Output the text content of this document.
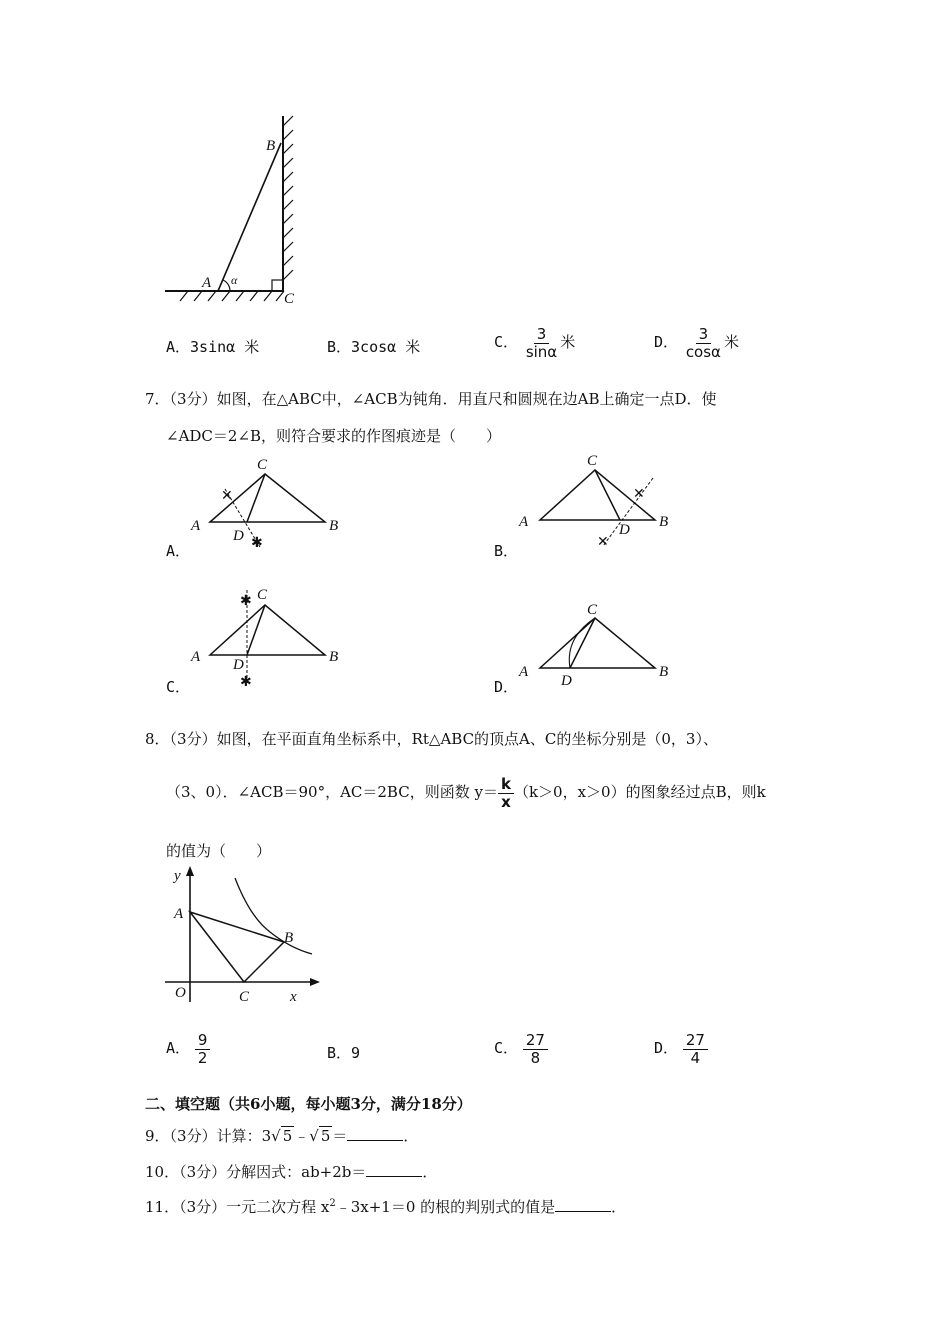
B
A α
C
A．3sinα 米	B．3cosα 米	C． $\frac{3}{\sin\alpha}$ 米	D． $\frac{3}{\cos\alpha}$ 米
7．（3分）如图，在△ABC中，∠ACB为钝角．用直尺和圆规在边AB上确定一点D．使
∠ADC＝2∠B，则符合要求的作图痕迹是（　　）
✕
✱
A
C
B
D
A．
✕
✕
A
C
B
D
B．
✱
✱
A
C
B
D
C．
A
C
B
D
D．
8．（3分）如图，在平面直角坐标系中，Rt△ABC的顶点A、C的坐标分别是（0，3）、
（3、0）．∠ACB＝90°，AC＝2BC，则函数 $y= \frac{k}{x} (k>0$，x＞0）的图象经过点B，则k
的值为（　　）
y
A
B
O	C	x
A． $\frac{9}{2}$	B．9	C． $\frac{27}{8}$	D． $\frac{27}{4}$
二、填空题（共6小题，每小题3分，满分18分）
9．（3分）计算：3√ 5 ﹣√ 5 ＝	．
10．（3分）分解因式：ab+2b＝	．
11．（3分）一元二次方程 $x^2﹣3x+1=0$ 的根的判别式的值是	．
